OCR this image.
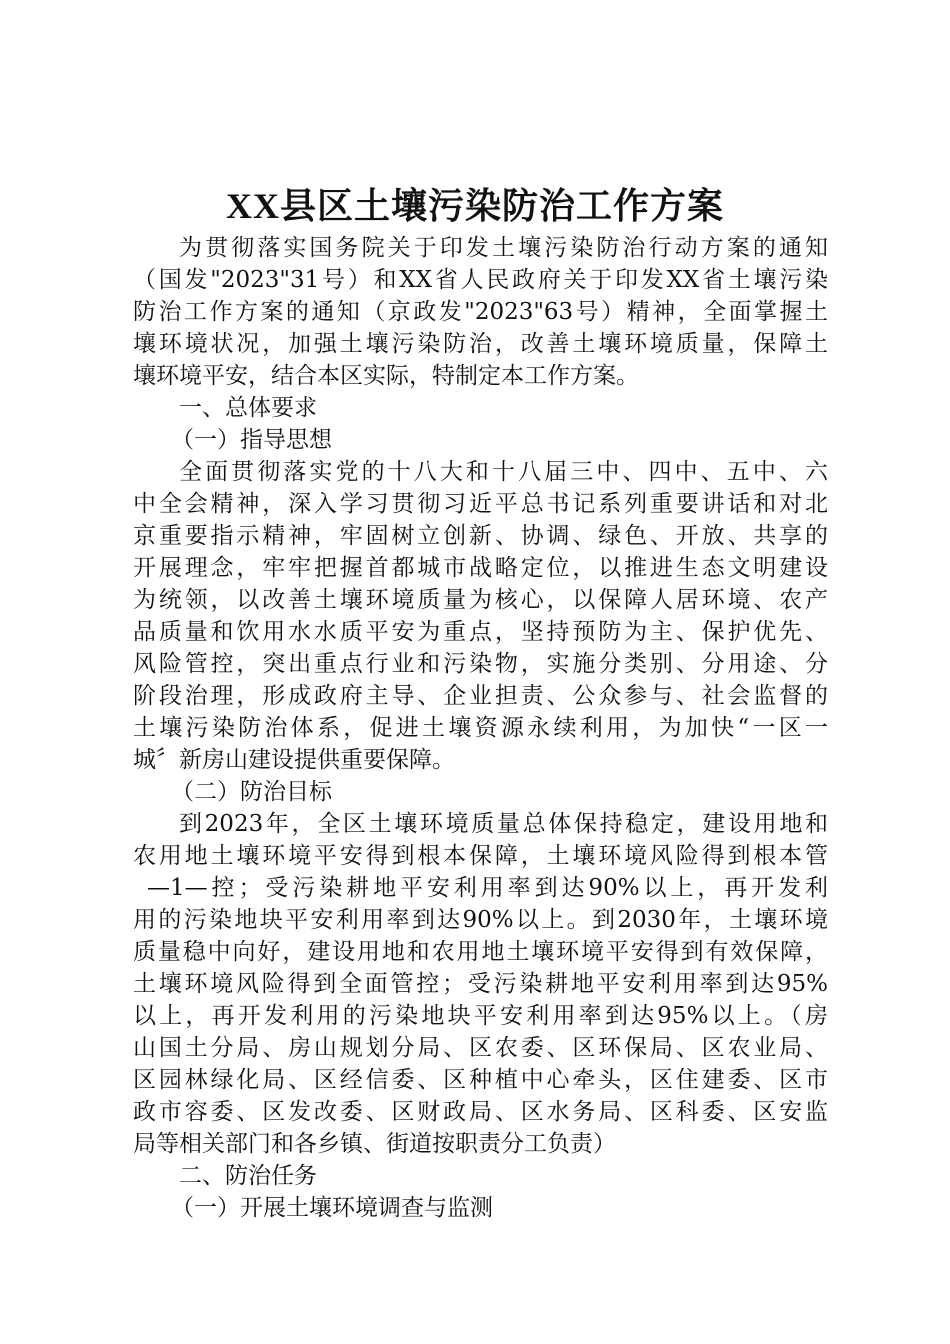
XX县区土壤污染防治工作方案
为贯彻落实国务院关于印发土壤污染防治行动方案的通知
（国发"2023"31号）和XX省人民政府关于印发XX省土壤污染
防治工作方案的通知（京政发"2023"63号）精神，全面掌握土
壤环境状况，加强土壤污染防治，改善土壤环境质量，保障土
壤环境平安，结合本区实际，特制定本工作方案。
一、总体要求
（一）指导思想
全面贯彻落实党的十八大和十八届三中、四中、五中、六
中全会精神，深入学习贯彻习近平总书记系列重要讲话和对北
京重要指示精神，牢固树立创新、协调、绿色、开放、共享的
开展理念，牢牢把握首都城市战略定位，以推进生态文明建设
为统领，以改善土壤环境质量为核心，以保障人居环境、农产
品质量和饮用水水质平安为重点，坚持预防为主、保护优先、
风险管控，突出重点行业和污染物，实施分类别、分用途、分
阶段治理，形成政府主导、企业担责、公众参与、社会监督的
土壤污染防治体系，促进土壤资源永续利用，为加快“一区一
城〞新房山建设提供重要保障。
（二）防治目标
到2023年，全区土壤环境质量总体保持稳定，建设用地和
农用地土壤环境平安得到根本保障，土壤环境风险得到根本管
—1—控；受污染耕地平安利用率到达90%以上，再开发利
用的污染地块平安利用率到达90%以上。到2030年，土壤环境
质量稳中向好，建设用地和农用地土壤环境平安得到有效保障，
土壤环境风险得到全面管控；受污染耕地平安利用率到达95%
以上，再开发利用的污染地块平安利用率到达95%以上。（房
山国土分局、房山规划分局、区农委、区环保局、区农业局、
区园林绿化局、区经信委、区种植中心牵头，区住建委、区市
政市容委、区发改委、区财政局、区水务局、区科委、区安监
局等相关部门和各乡镇、街道按职责分工负责）
二、防治任务
（一）开展土壤环境调查与监测
